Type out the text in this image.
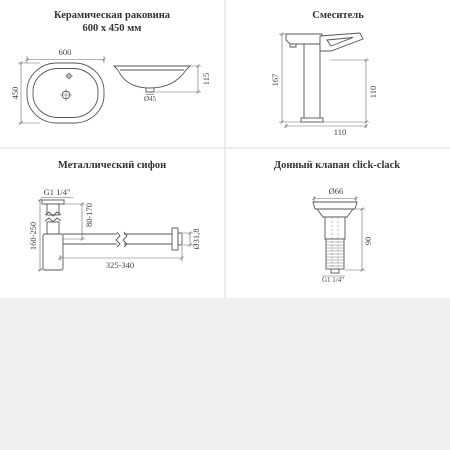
Керамическая раковина
600 x 450 мм
600
450	Ø45
115
Смеситель
167
110
110
Металлический сифон
G1 1/4"
160-250
80-170
325-340
Ø31,8
Донный клапан click-clack
Ø66
90
G1 1/4"
